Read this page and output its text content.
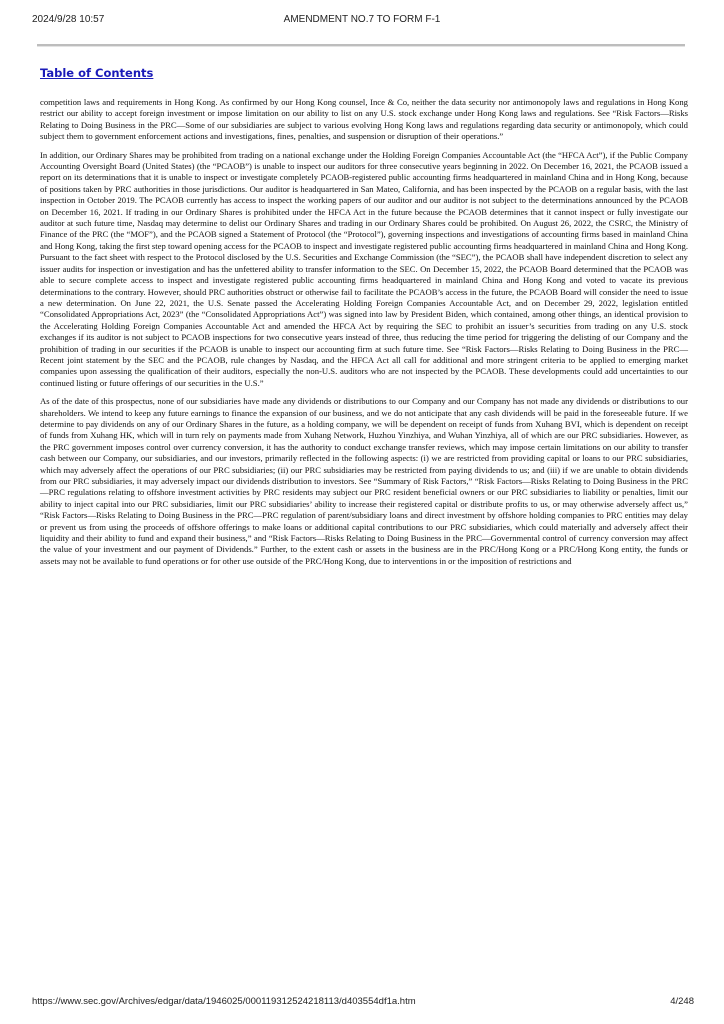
2024/9/28 10:57	AMENDMENT NO.7 TO FORM F-1
Table of Contents

competition laws and requirements in Hong Kong. As confirmed by our Hong Kong counsel, Ince & Co, neither the data security nor antimonopoly laws and regulations in Hong Kong restrict our ability to accept foreign investment or impose limitation on our ability to list on any U.S. stock exchange under Hong Kong laws and regulations. See “Risk Factors—Risks Relating to Doing Business in the PRC—Some of our subsidiaries are subject to various evolving Hong Kong laws and regulations regarding data security or antimonopoly, which could subject them to government enforcement actions and investigations, fines, penalties, and suspension or disruption of their operations.”

In addition, our Ordinary Shares may be prohibited from trading on a national exchange under the Holding Foreign Companies Accountable Act (the “HFCA Act”), if the Public Company Accounting Oversight Board (United States) (the “PCAOB”) is unable to inspect our auditors for three consecutive years beginning in 2022. On December 16, 2021, the PCAOB issued a report on its determinations that it is unable to inspect or investigate completely PCAOB-registered public accounting firms headquartered in mainland China and in Hong Kong, because of positions taken by PRC authorities in those jurisdictions. Our auditor is headquartered in San Mateo, California, and has been inspected by the PCAOB on a regular basis, with the last inspection in October 2019. The PCAOB currently has access to inspect the working papers of our auditor and our auditor is not subject to the determinations announced by the PCAOB on December 16, 2021. If trading in our Ordinary Shares is prohibited under the HFCA Act in the future because the PCAOB determines that it cannot inspect or fully investigate our auditor at such future time, Nasdaq may determine to delist our Ordinary Shares and trading in our Ordinary Shares could be prohibited. On August 26, 2022, the CSRC, the Ministry of Finance of the PRC (the “MOF”), and the PCAOB signed a Statement of Protocol (the “Protocol”), governing inspections and investigations of accounting firms based in mainland China and Hong Kong, taking the first step toward opening access for the PCAOB to inspect and investigate registered public accounting firms headquartered in mainland China and Hong Kong. Pursuant to the fact sheet with respect to the Protocol disclosed by the U.S. Securities and Exchange Commission (the “SEC”), the PCAOB shall have independent discretion to select any issuer audits for inspection or investigation and has the unfettered ability to transfer information to the SEC. On December 15, 2022, the PCAOB Board determined that the PCAOB was able to secure complete access to inspect and investigate registered public accounting firms headquartered in mainland China and Hong Kong and voted to vacate its previous determinations to the contrary. However, should PRC authorities obstruct or otherwise fail to facilitate the PCAOB’s access in the future, the PCAOB Board will consider the need to issue a new determination. On June 22, 2021, the U.S. Senate passed the Accelerating Holding Foreign Companies Accountable Act, and on December 29, 2022, legislation entitled “Consolidated Appropriations Act, 2023” (the “Consolidated Appropriations Act”) was signed into law by President Biden, which contained, among other things, an identical provision to the Accelerating Holding Foreign Companies Accountable Act and amended the HFCA Act by requiring the SEC to prohibit an issuer’s securities from trading on any U.S. stock exchanges if its auditor is not subject to PCAOB inspections for two consecutive years instead of three, thus reducing the time period for triggering the delisting of our Company and the prohibition of trading in our securities if the PCAOB is unable to inspect our accounting firm at such future time. See “Risk Factors—Risks Relating to Doing Business in the PRC—Recent joint statement by the SEC and the PCAOB, rule changes by Nasdaq, and the HFCA Act all call for additional and more stringent criteria to be applied to emerging market companies upon assessing the qualification of their auditors, especially the non-U.S. auditors who are not inspected by the PCAOB. These developments could add uncertainties to our continued listing or future offerings of our securities in the U.S.”

As of the date of this prospectus, none of our subsidiaries have made any dividends or distributions to our Company and our Company has not made any dividends or distributions to our shareholders. We intend to keep any future earnings to finance the expansion of our business, and we do not anticipate that any cash dividends will be paid in the foreseeable future. If we determine to pay dividends on any of our Ordinary Shares in the future, as a holding company, we will be dependent on receipt of funds from Xuhang BVI, which is dependent on receipt of funds from Xuhang HK, which will in turn rely on payments made from Xuhang Network, Huzhou Yinzhiya, and Wuhan Yinzhiya, all of which are our PRC subsidiaries. However, as the PRC government imposes control over currency conversion, it has the authority to conduct exchange transfer reviews, which may impose certain limitations on our ability to transfer cash between our Company, our subsidiaries, and our investors, primarily reflected in the following aspects: (i) we are restricted from providing capital or loans to our PRC subsidiaries, which may adversely affect the operations of our PRC subsidiaries; (ii) our PRC subsidiaries may be restricted from paying dividends to us; and (iii) if we are unable to obtain dividends from our PRC subsidiaries, it may adversely impact our dividends distribution to investors. See “Summary of Risk Factors,” “Risk Factors—Risks Relating to Doing Business in the PRC—PRC regulations relating to offshore investment activities by PRC residents may subject our PRC resident beneficial owners or our PRC subsidiaries to liability or penalties, limit our ability to inject capital into our PRC subsidiaries, limit our PRC subsidiaries’ ability to increase their registered capital or distribute profits to us, or may otherwise adversely affect us,” “Risk Factors—Risks Relating to Doing Business in the PRC—PRC regulation of parent/subsidiary loans and direct investment by offshore holding companies to PRC entities may delay or prevent us from using the proceeds of offshore offerings to make loans or additional capital contributions to our PRC subsidiaries, which could materially and adversely affect their liquidity and their ability to fund and expand their business,” and “Risk Factors—Risks Relating to Doing Business in the PRC—Governmental control of currency conversion may affect the value of your investment and our payment of Dividends.” Further, to the extent cash or assets in the business are in the PRC/Hong Kong or a PRC/Hong Kong entity, the funds or assets may not be available to fund operations or for other use outside of the PRC/Hong Kong, due to interventions in or the imposition of restrictions and

https://www.sec.gov/Archives/edgar/data/1946025/000119312524218113/d403554df1a.htm	4/248
